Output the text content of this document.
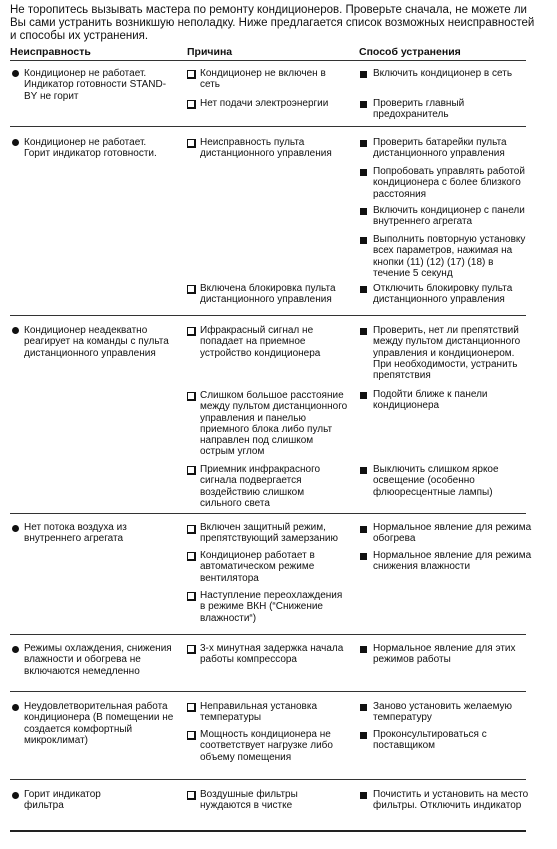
Не торопитесь вызывать мастера по ремонту кондиционеров. Проверьте сначала, не можете ли Вы сами устранить возникшую неполадку. Ниже предлагается список возможных неисправностей и способы их устранения.
Неисправность	Причина	Способ устранения
Кондиционер не работает. Индикатор готовности STAND-BY не горит
Кондиционер не включен в сеть
Нет подачи электроэнергии
Включить кондиционер в сеть
Проверить главный предохранитель
Кондиционер не работает. Горит индикатор готовности.
Неисправность пульта дистанционного управления
Включена блокировка пульта дистанционного управления
Проверить батарейки пульта дистанционного управления
Попробовать управлять работой кондиционера с более близкого расстояния
Включить кондиционер с панели внутреннего агрегата
Выполнить повторную установку всех параметров, нажимая на кнопки (11) (12) (17) (18) в течение 5 секунд
Отключить блокировку пульта дистанционного управления
Кондиционер неадекватно реагирует на команды с пульта дистанционного управления
Ифракрасный сигнал не попадает на приемное устройство кондиционера
Слишком большое расстояние между пультом дистанционного управления и панелью приемного блока либо пульт направлен под слишком острым углом
Приемник инфракрасного сигнала подвергается воздействию слишком сильного света
Проверить, нет ли препятствий между пультом дистанционного управления и кондиционером. При необходимости, устранить препятствия
Подойти ближе к панели кондиционера
Выключить слишком яркое освещение (особенно флюоресцентные лампы)
Нет потока воздуха из внутреннего агрегата
Включен защитный режим, препятствующий замерзанию
Кондиционер работает в автоматическом режиме вентилятора
Наступление переохлаждения в режиме ВКН (“Снижение влажности“)
Нормальное явление для режима обогрева
Нормальное явление для режима снижения влажности
Режимы охлаждения, снижения влажности и обогрева не включаются немедленно
3-х минутная задержка начала работы компрессора
Нормальное явление для этих режимов работы
Неудовлетворительная работа кондиционера (В помещении не создается комфортный микроклимат)
Неправильная установка температуры
Мощность кондиционера не соответствует нагрузке либо объему помещения
Заново установить желаемую температуру
Проконсультироваться с поставщиком
Горит индикатор фильтра
Воздушные фильтры нуждаются в чистке
Почистить и установить на место фильтры. Отключить индикатор
